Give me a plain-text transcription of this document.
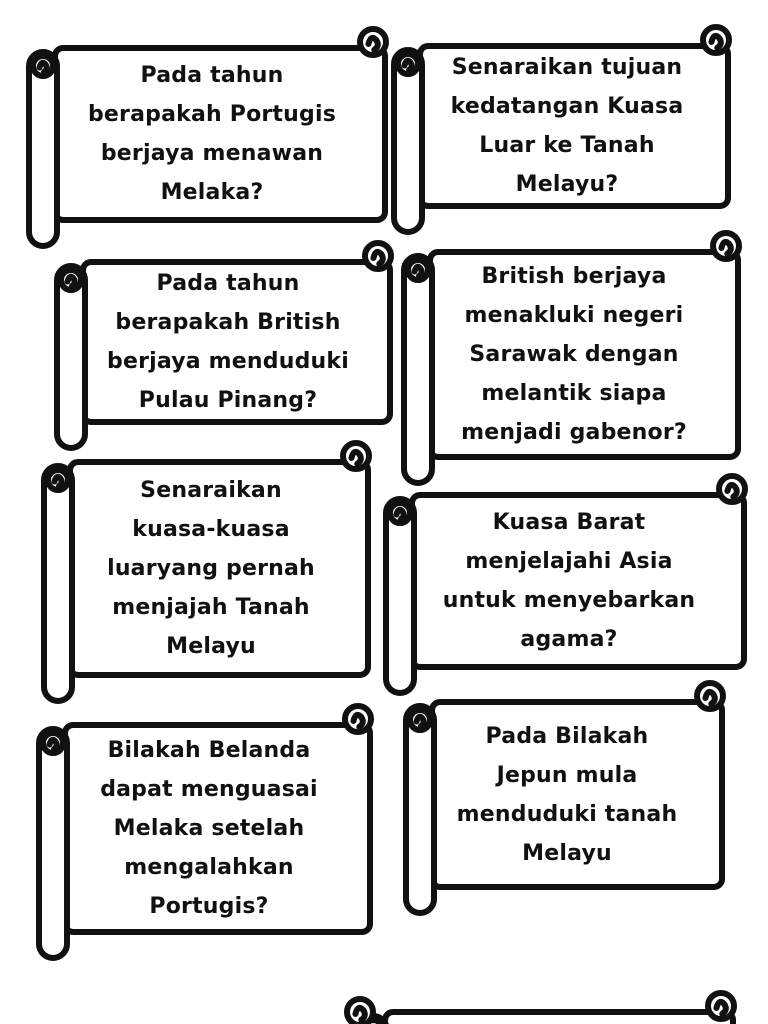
Pada tahun
berapakah Portugis
berjaya menawan
Melaka?
Senaraikan tujuan
kedatangan Kuasa
Luar ke Tanah
Melayu?
Pada tahun
berapakah British
berjaya menduduki
Pulau Pinang?
British berjaya
menakluki negeri
Sarawak dengan
melantik siapa
menjadi gabenor?
Senaraikan
kuasa-kuasa
luaryang pernah
menjajah Tanah
Melayu
Kuasa Barat
menjelajahi Asia
untuk menyebarkan
agama?
Bilakah Belanda
dapat menguasai
Melaka setelah
mengalahkan
Portugis?
Pada Bilakah
Jepun mula
menduduki tanah
Melayu
